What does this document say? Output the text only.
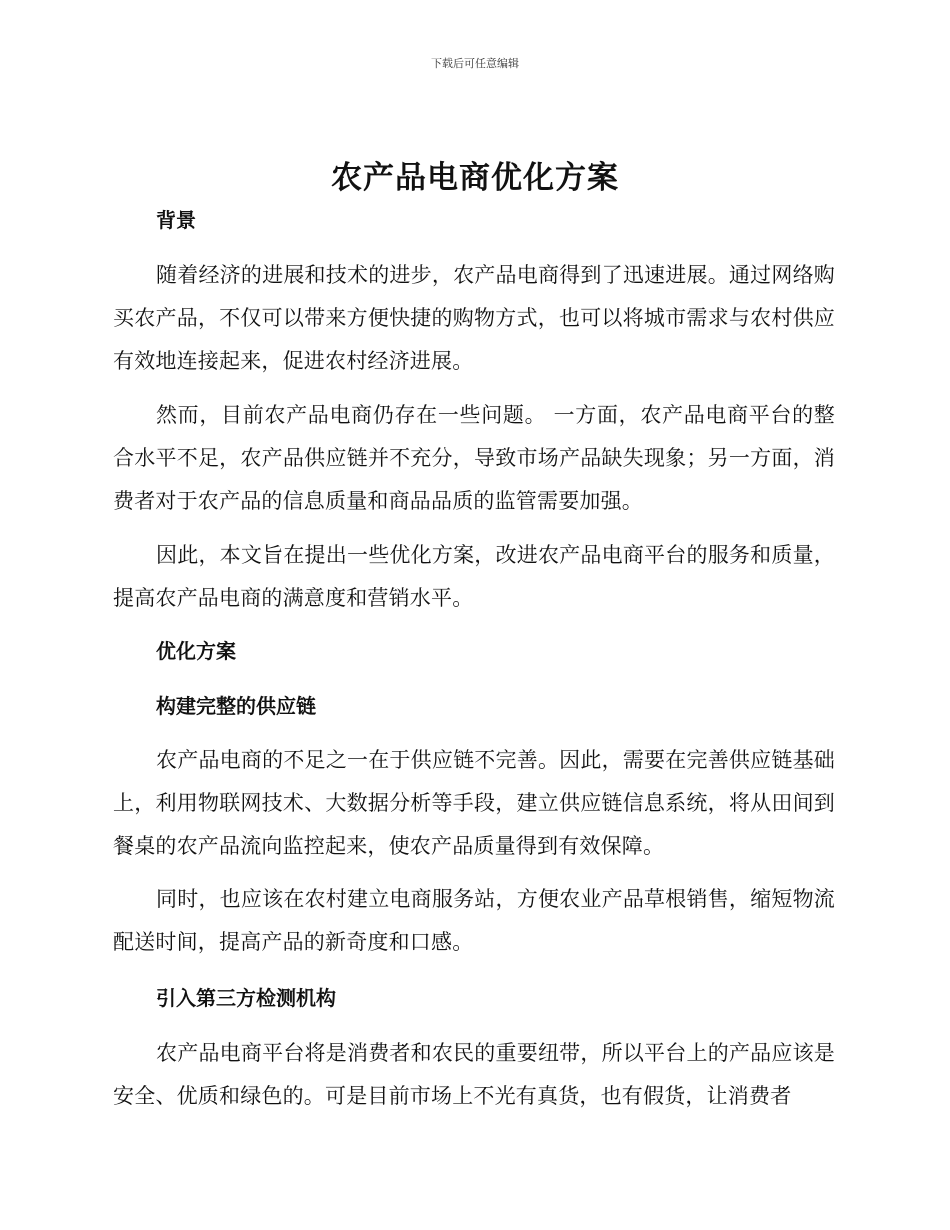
下载后可任意编辑
农产品电商优化方案
背景

随着经济的进展和技术的进步，农产品电商得到了迅速进展。通过网络购买农产品，不仅可以带来方便快捷的购物方式，也可以将城市需求与农村供应有效地连接起来，促进农村经济进展。

然而，目前农产品电商仍存在一些问题。 一方面，农产品电商平台的整合水平不足，农产品供应链并不充分，导致市场产品缺失现象；另一方面，消费者对于农产品的信息质量和商品品质的监管需要加强。

因此，本文旨在提出一些优化方案，改进农产品电商平台的服务和质量，提高农产品电商的满意度和营销水平。

优化方案
构建完整的供应链

农产品电商的不足之一在于供应链不完善。因此，需要在完善供应链基础上，利用物联网技术、大数据分析等手段，建立供应链信息系统，将从田间到餐桌的农产品流向监控起来，使农产品质量得到有效保障。

同时，也应该在农村建立电商服务站，方便农业产品草根销售，缩短物流配送时间，提高产品的新奇度和口感。

引入第三方检测机构

农产品电商平台将是消费者和农民的重要纽带，所以平台上的产品应该是安全、优质和绿色的。可是目前市场上不光有真货，也有假货，让消费者
